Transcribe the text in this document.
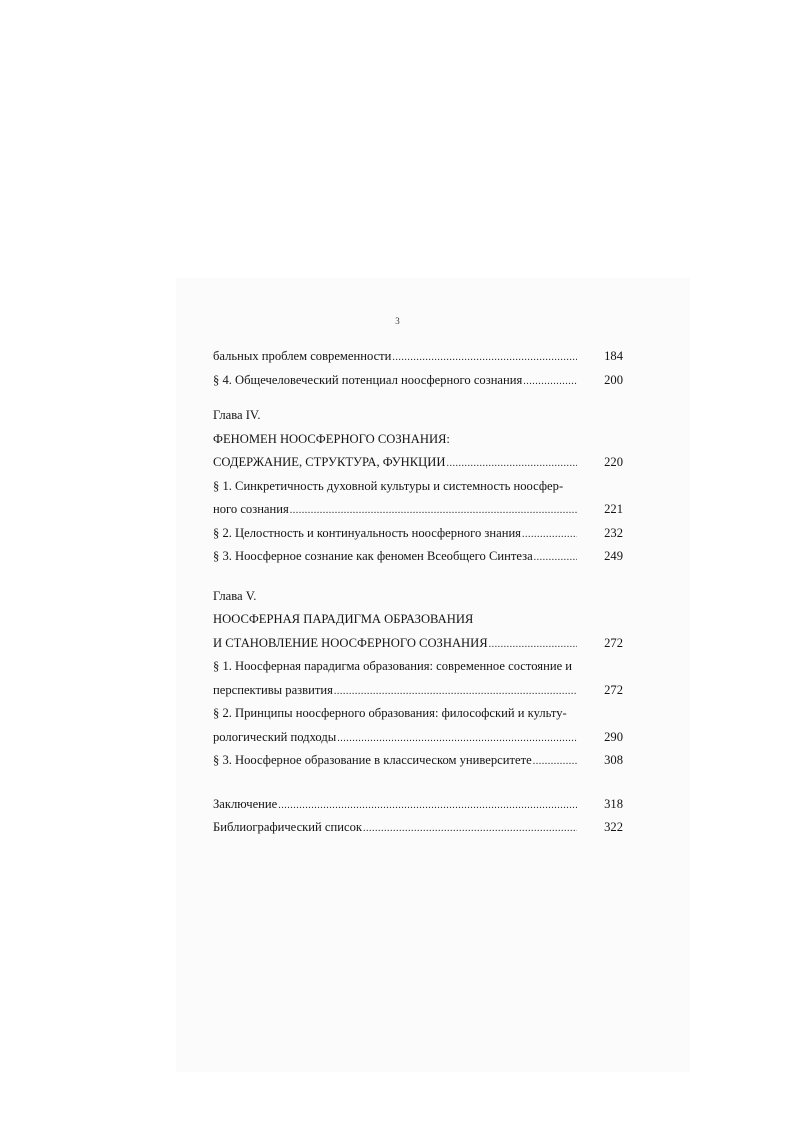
3
бальных проблем современности .....	184
§ 4. Общечеловеческий потенциал ноосферного сознания .....	200
Глава IV.
ФЕНОМЕН НООСФЕРНОГО СОЗНАНИЯ:
СОДЕРЖАНИЕ, СТРУКТУРА, ФУНКЦИИ .....	220
§ 1. Синкретичность духовной культуры и системность ноосфер-
ного сознания .....	221
§ 2. Целостность и континуальность ноосферного знания .....	232
§ 3. Ноосферное сознание как феномен Всеобщего Синтеза .....	249
Глава V.
НООСФЕРНАЯ ПАРАДИГМА ОБРАЗОВАНИЯ
И СТАНОВЛЕНИЕ НООСФЕРНОГО СОЗНАНИЯ .....	272
§ 1. Ноосферная парадигма образования: современное состояние и
перспективы развития .....	272
§ 2. Принципы ноосферного образования: философский и культу-
рологический подходы .....	290
§ 3. Ноосферное образование в классическом университете .....	308
Заключение .....	318
Библиографический список .....	322
